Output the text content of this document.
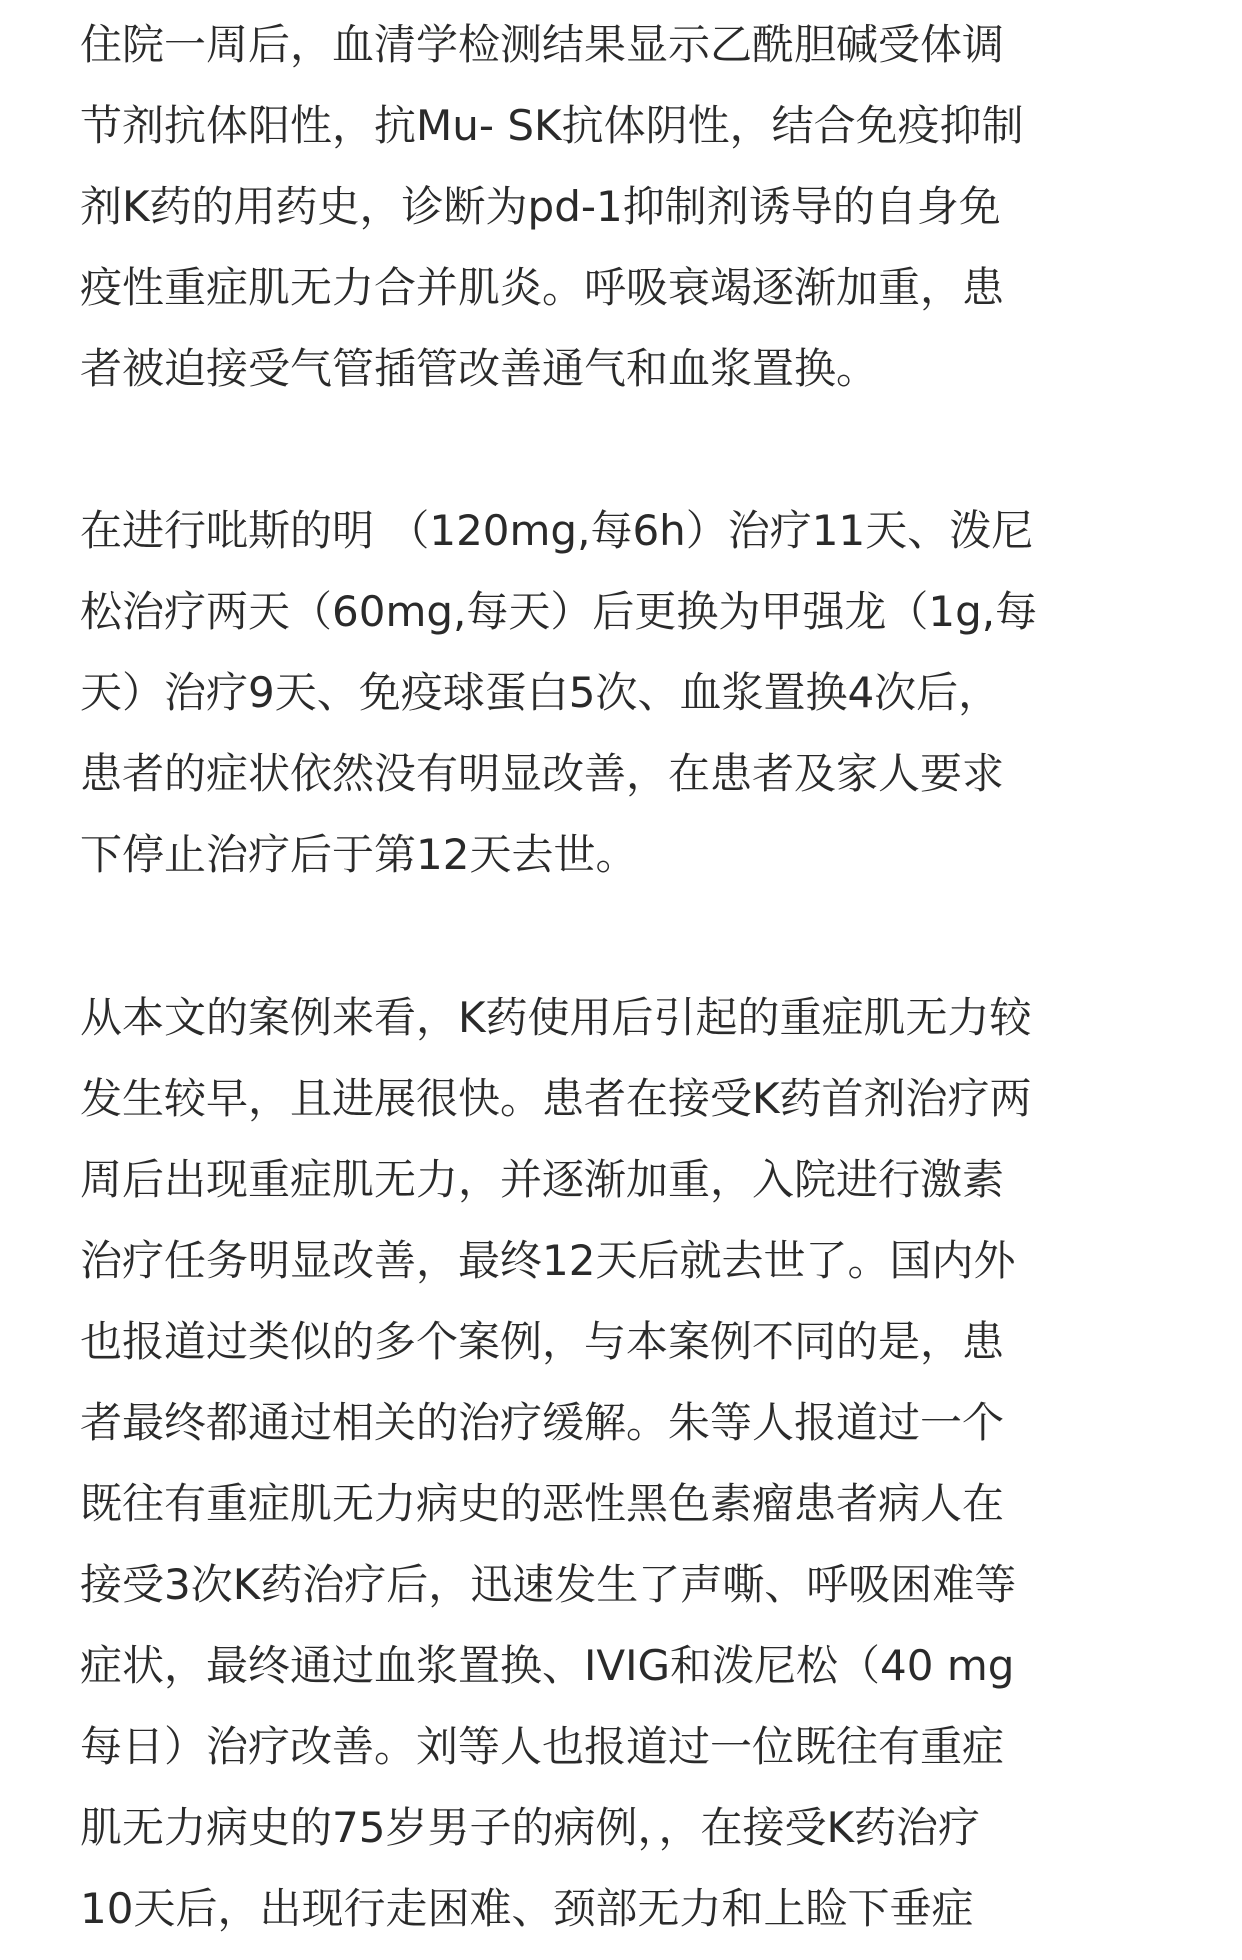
住院一周后，血清学检测结果显示乙酰胆碱受体调
节剂抗体阳性，抗Mu- SK抗体阴性，结合免疫抑制
剂K药的用药史，诊断为pd-1抑制剂诱导的自身免
疫性重症肌无力合并肌炎。呼吸衰竭逐渐加重，患
者被迫接受气管插管改善通气和血浆置换。

在进行吡斯的明 （120mg,每6h）治疗11天、泼尼
松治疗两天（60mg,每天）后更换为甲强龙（1g,每
天）治疗9天、免疫球蛋白5次、血浆置换4次后，
患者的症状依然没有明显改善，在患者及家人要求
下停止治疗后于第12天去世。

从本文的案例来看，K药使用后引起的重症肌无力较
发生较早，且进展很快。患者在接受K药首剂治疗两
周后出现重症肌无力，并逐渐加重，入院进行激素
治疗任务明显改善，最终12天后就去世了。国内外
也报道过类似的多个案例，与本案例不同的是，患
者最终都通过相关的治疗缓解。朱等人报道过一个
既往有重症肌无力病史的恶性黑色素瘤患者病人在
接受3次K药治疗后，迅速发生了声嘶、呼吸困难等
症状，最终通过血浆置换、IVIG和泼尼松（40 mg
每日）治疗改善。刘等人也报道过一位既往有重症
肌无力病史的75岁男子的病例，，在接受K药治疗
10天后，出现行走困难、颈部无力和上睑下垂症
